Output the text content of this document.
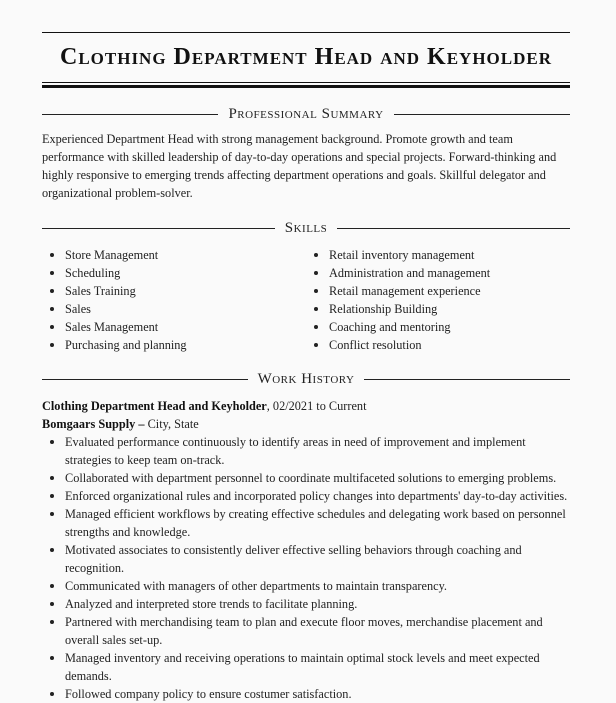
Clothing Department Head and Keyholder
Professional Summary
Experienced Department Head with strong management background. Promote growth and team performance with skilled leadership of day-to-day operations and special projects. Forward-thinking and highly responsive to emerging trends affecting department operations and goals. Skillful delegator and organizational problem-solver.
Skills
Store Management
Scheduling
Sales Training
Sales
Sales Management
Purchasing and planning
Retail inventory management
Administration and management
Retail management experience
Relationship Building
Coaching and mentoring
Conflict resolution
Work History
Clothing Department Head and Keyholder, 02/2021 to Current
Bomgaars Supply – City, State
Evaluated performance continuously to identify areas in need of improvement and implement strategies to keep team on-track.
Collaborated with department personnel to coordinate multifaceted solutions to emerging problems.
Enforced organizational rules and incorporated policy changes into departments' day-to-day activities.
Managed efficient workflows by creating effective schedules and delegating work based on personnel strengths and knowledge.
Motivated associates to consistently deliver effective selling behaviors through coaching and recognition.
Communicated with managers of other departments to maintain transparency.
Analyzed and interpreted store trends to facilitate planning.
Partnered with merchandising team to plan and execute floor moves, merchandise placement and overall sales set-up.
Managed inventory and receiving operations to maintain optimal stock levels and meet expected demands.
Followed company policy to ensure costumer satisfaction.
